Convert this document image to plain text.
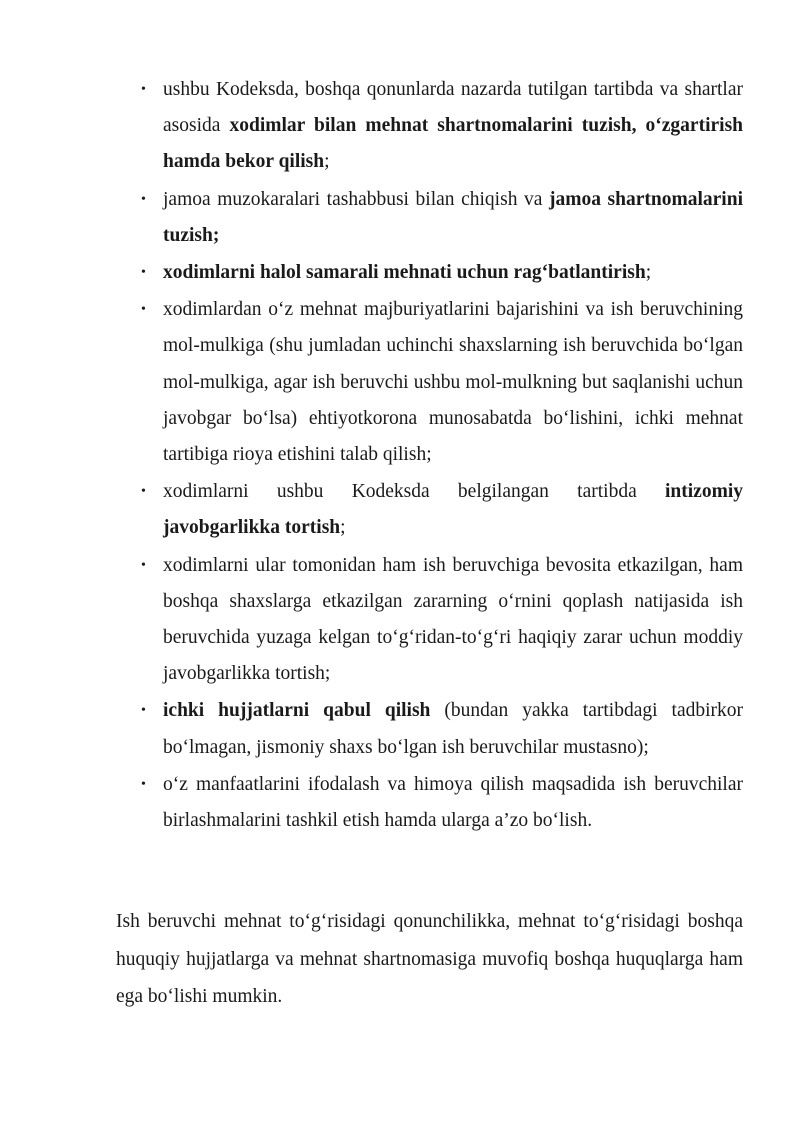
• ushbu Kodeksda, boshqa qonunlarda nazarda tutilgan tartibda va shartlar asosida xodimlar bilan mehnat shartnomalarini tuzish, o‘zgartirish hamda bekor qilish;
• jamoa muzokaralari tashabbusi bilan chiqish va jamoa shartnomalarini tuzish;
• xodimlarni halol samarali mehnati uchun rag‘batlantirish;
• xodimlardan o‘z mehnat majburiyatlarini bajarishini va ish beruvchining mol-mulkiga (shu jumladan uchinchi shaxslarning ish beruvchida bo‘lgan mol-mulkiga, agar ish beruvchi ushbu mol-mulkning but saqlanishi uchun javobgar bo‘lsa) ehtiyotkorona munosabatda bo‘lishini, ichki mehnat tartibiga rioya etishini talab qilish;
• xodimlarni ushbu Kodeksda belgilangan tartibda intizomiy javobgarlikka tortish;
• xodimlarni ular tomonidan ham ish beruvchiga bevosita etkazilgan, ham boshqa shaxslarga etkazilgan zararning o‘rnini qoplash natijasida ish beruvchida yuzaga kelgan to‘g‘ridan-to‘g‘ri haqiqiy zarar uchun moddiy javobgarlikka tortish;
• ichki hujjatlarni qabul qilish (bundan yakka tartibdagi tadbirkor bo‘lmagan, jismoniy shaxs bo‘lgan ish beruvchilar mustasno);
• o‘z manfaatlarini ifodalash va himoya qilish maqsadida ish beruvchilar birlashmalarini tashkil etish hamda ularga a’zo bo‘lish.

Ish beruvchi mehnat to‘g‘risidagi qonunchilikka, mehnat to‘g‘risidagi boshqa huquqiy hujjatlarga va mehnat shartnomasiga muvofiq boshqa huquqlarga ham ega bo‘lishi mumkin.
